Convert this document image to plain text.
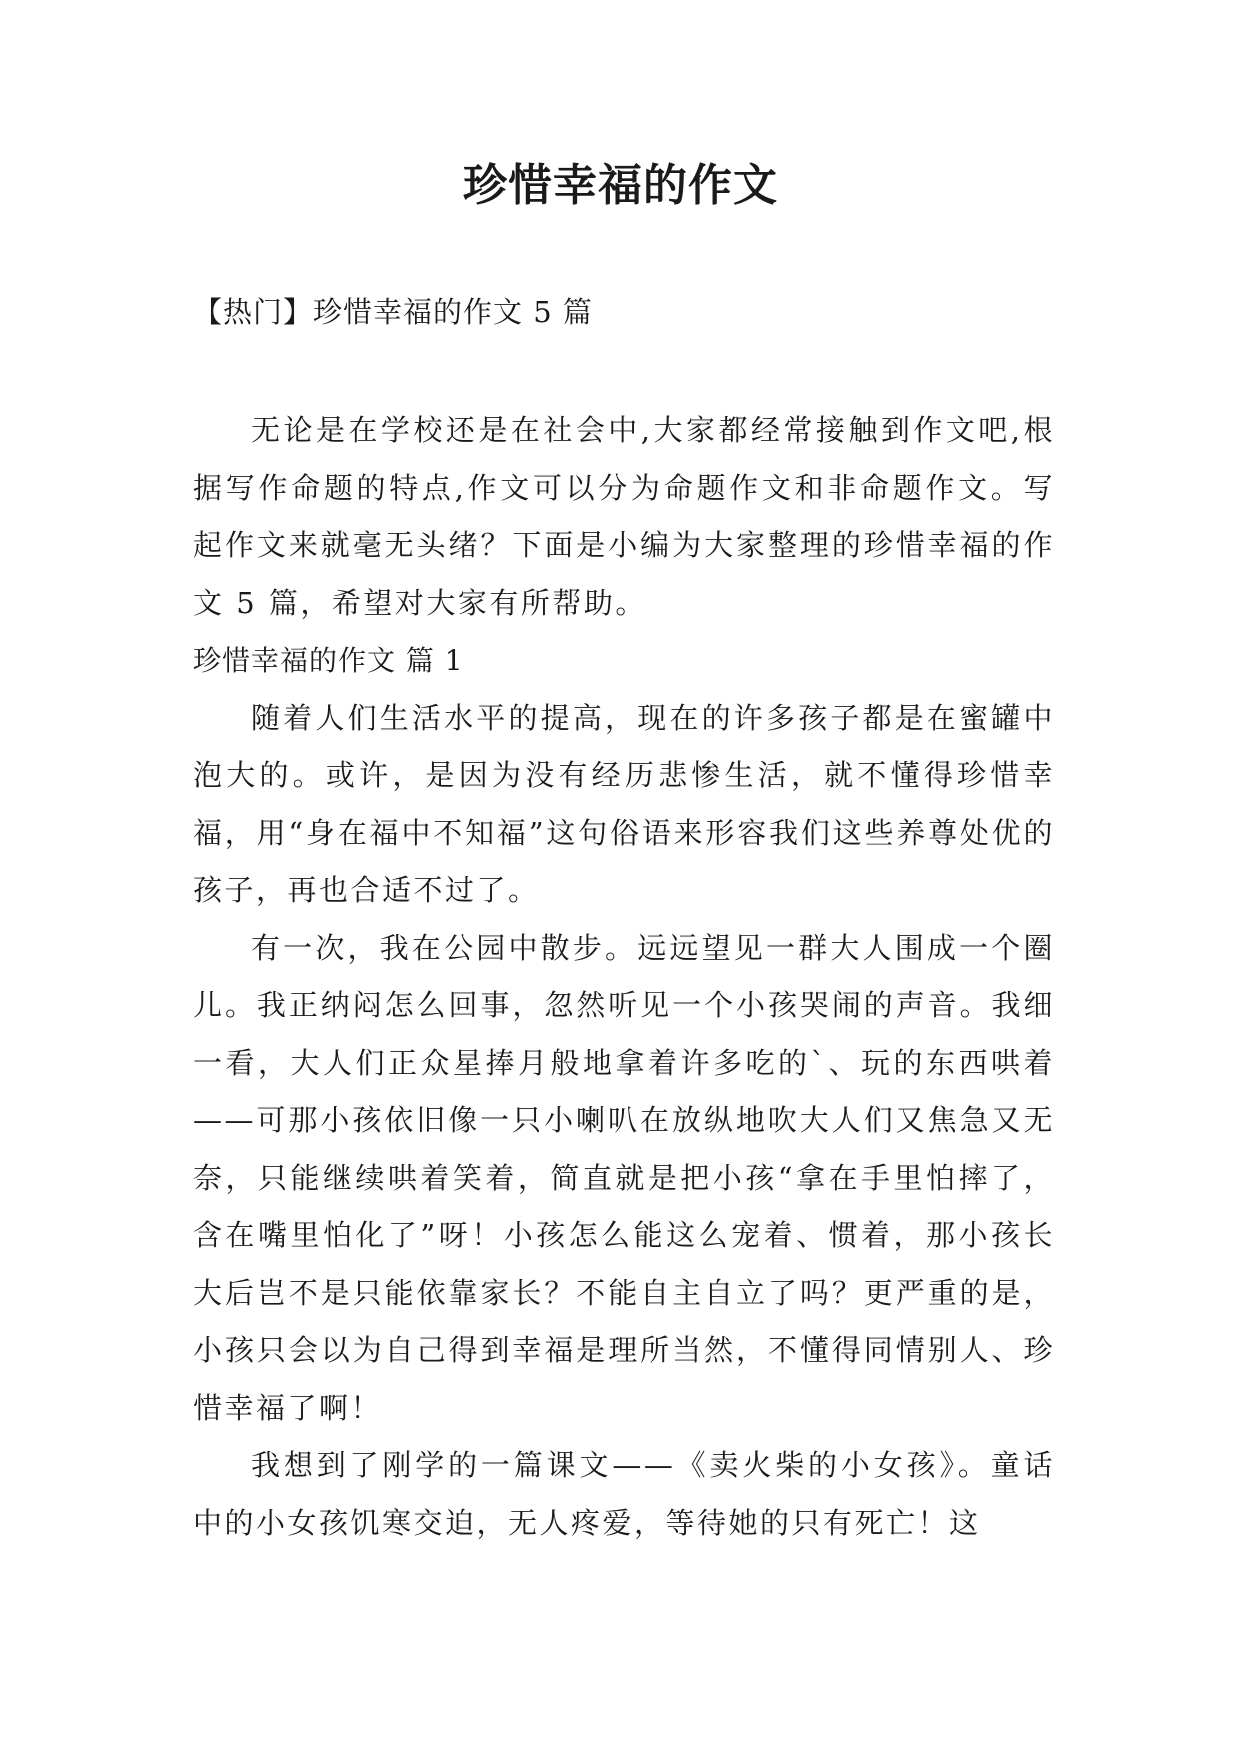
珍惜幸福的作文
【热门】珍惜幸福的作文 5 篇

无论是在学校还是在社会中,大家都经常接触到作文吧,根据写作命题的特点,作文可以分为命题作文和非命题作文。写起作文来就毫无头绪？下面是小编为大家整理的珍惜幸福的作文 5 篇，希望对大家有所帮助。

珍惜幸福的作文 篇 1

随着人们生活水平的提高，现在的许多孩子都是在蜜罐中泡大的。或许，是因为没有经历悲惨生活，就不懂得珍惜幸福，用“身在福中不知福”这句俗语来形容我们这些养尊处优的孩子，再也合适不过了。

有一次，我在公园中散步。远远望见一群大人围成一个圈儿。我正纳闷怎么回事，忽然听见一个小孩哭闹的声音。我细一看，大人们正众星捧月般地拿着许多吃的`、玩的东西哄着——可那小孩依旧像一只小喇叭在放纵地吹大人们又焦急又无奈，只能继续哄着笑着，简直就是把小孩“拿在手里怕摔了，含在嘴里怕化了”呀！小孩怎么能这么宠着、惯着，那小孩长大后岂不是只能依靠家长？不能自主自立了吗？更严重的是，小孩只会以为自己得到幸福是理所当然，不懂得同情别人、珍惜幸福了啊！

我想到了刚学的一篇课文——《卖火柴的小女孩》。童话中的小女孩饥寒交迫，无人疼爱，等待她的只有死亡！这
